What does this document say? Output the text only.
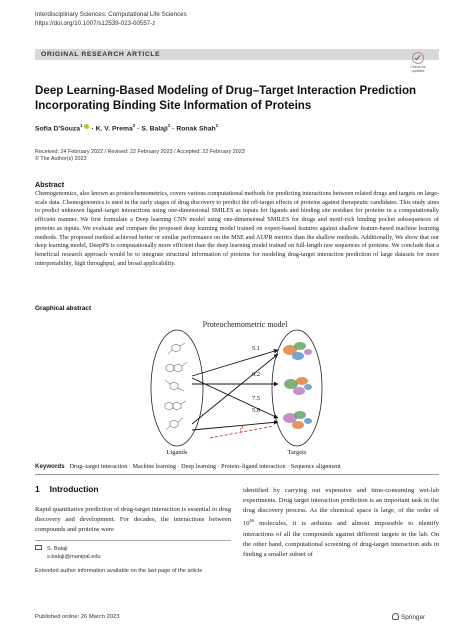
Interdisciplinary Sciences: Computational Life Sciences
https://doi.org/10.1007/s12539-023-00557-z
ORIGINAL RESEARCH ARTICLE
Check for updates
Deep Learning-Based Modeling of Drug–Target Interaction Prediction Incorporating Binding Site Information of Proteins
Sofia D'Souza$^1$ · K. V. Prema$^2$ · S. Balaji$^1$ · Ronak Shah$^1$
Received: 24 February 2022 / Revised: 22 February 2023 / Accepted: 22 February 2023
© The Author(s) 2023
Abstract
Chemogenomics, also known as proteochemometrics, covers various computational methods for predicting interactions between related drugs and targets on large-scale data. Chemogenomics is used in the early stages of drug discovery to predict the off-target effects of proteins against therapeutic candidates. This study aims to predict unknown ligand–target interactions using one-dimensional SMILES as inputs for ligands and binding site residues for proteins in a computationally efficient manner. We first formulate a Deep learning CNN model using one-dimensional SMILES for drugs and motif-rich binding pocket subsequences of proteins as inputs. We evaluate and compare the proposed deep learning model trained on expert-based features against shallow feature-based machine learning methods. The proposed method achieved better or similar performance on the MSE and AUPR metrics than the shallow methods. Additionally, We show that our deep learning model, DeepPS is computationally more efficient than the deep learning model trained on full-length raw sequences of proteins. We conclude that a beneficial research approach would be to integrate structural information of proteins for modeling drug-target interaction prediction of large datasets for more interpretability, high throughput, and broad applicability.
Graphical abstract
Proteochemometric model
5.1
6.2
7.5
5.6
?
Ligands	Targets
Keywords Drug–target interaction · Machine learning · Deep learning · Protein–ligand interaction · Sequence alignment
1 Introduction
Rapid quantitative prediction of drug-target interaction is essential to drug discovery and development. For decades, the interactions between compounds and proteins were
identified by carrying out expensive and time-consuming wet-lab experiments. Drug target interaction prediction is an important task in the drug discovery process. As the chemical space is large, of the order of $10^{60}$ molecules, it is arduous and almost impossible to identify interactions of all the compounds against different targets in the lab. On the other hand, computational screening of drug-target interaction aids in finding a smaller subset of
S. Balaji
s.balaji@manipal.edu
Extended author information available on the last page of the article
Published online: 26 March 2023	Springer
